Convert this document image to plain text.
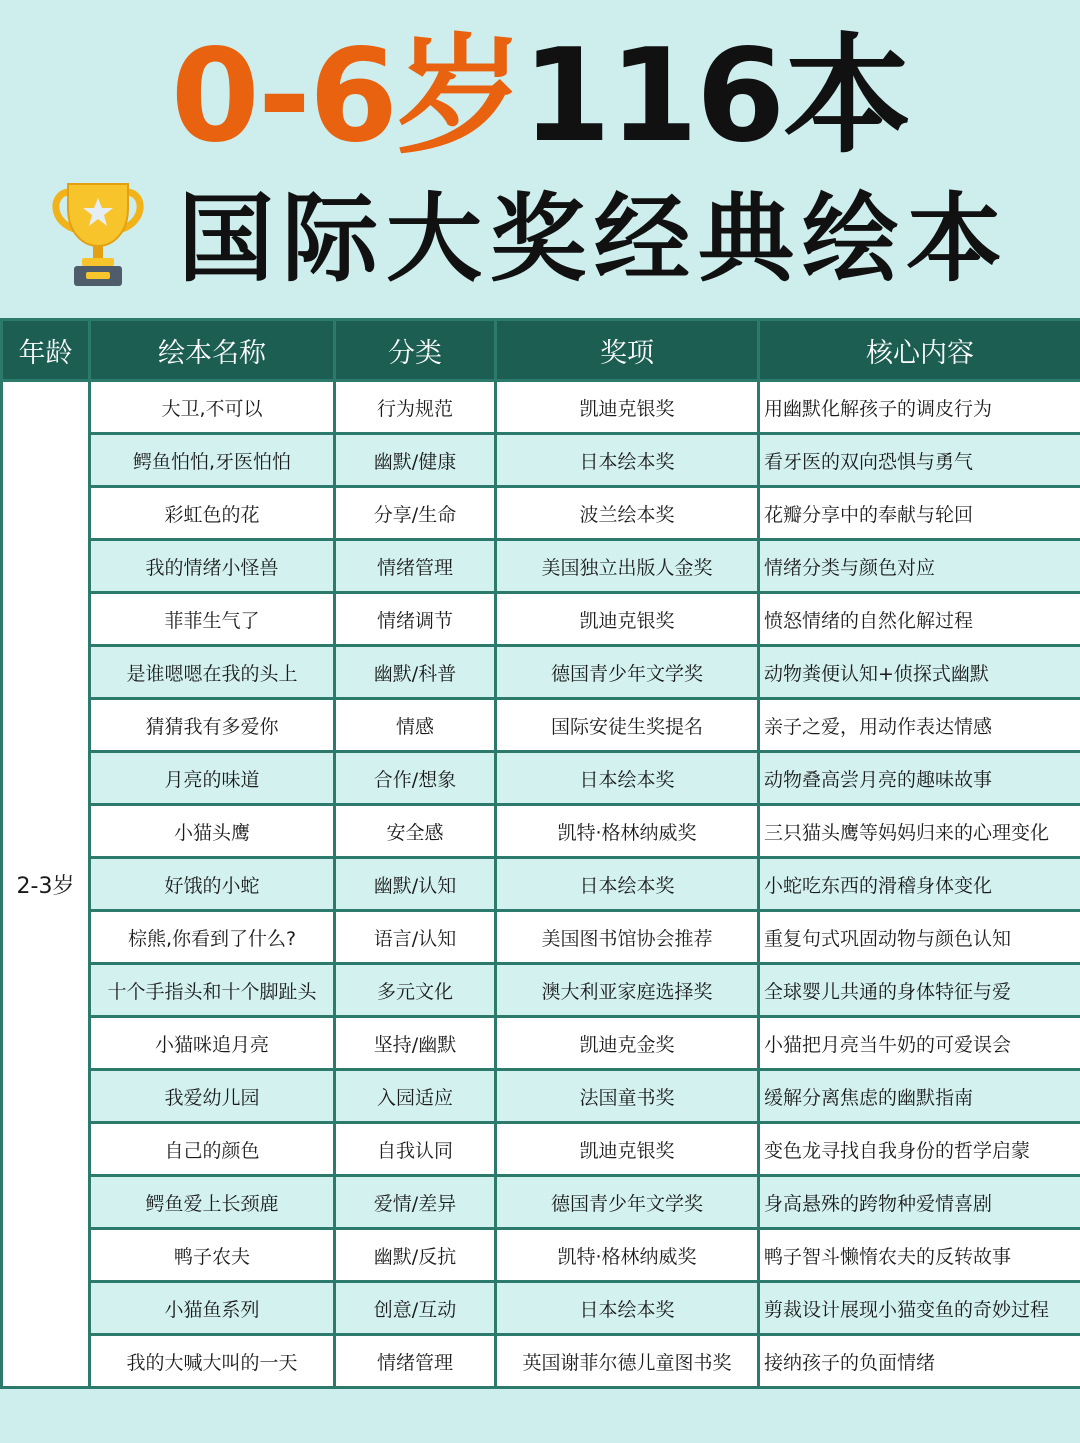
0-6岁116本
国际大奖经典绘本
年龄	绘本名称	分类	奖项	核心内容
2-3岁	大卫,不可以	行为规范	凯迪克银奖	用幽默化解孩子的调皮行为
	鳄鱼怕怕,牙医怕怕	幽默/健康	日本绘本奖	看牙医的双向恐惧与勇气
	彩虹色的花	分享/生命	波兰绘本奖	花瓣分享中的奉献与轮回
	我的情绪小怪兽	情绪管理	美国独立出版人金奖	情绪分类与颜色对应
	菲菲生气了	情绪调节	凯迪克银奖	愤怒情绪的自然化解过程
	是谁嗯嗯在我的头上	幽默/科普	德国青少年文学奖	动物粪便认知+侦探式幽默
	猜猜我有多爱你	情感	国际安徒生奖提名	亲子之爱，用动作表达情感
	月亮的味道	合作/想象	日本绘本奖	动物叠高尝月亮的趣味故事
	小猫头鹰	安全感	凯特·格林纳威奖	三只猫头鹰等妈妈归来的心理变化
	好饿的小蛇	幽默/认知	日本绘本奖	小蛇吃东西的滑稽身体变化
	棕熊,你看到了什么?	语言/认知	美国图书馆协会推荐	重复句式巩固动物与颜色认知
	十个手指头和十个脚趾头	多元文化	澳大利亚家庭选择奖	全球婴儿共通的身体特征与爱
	小猫咪追月亮	坚持/幽默	凯迪克金奖	小猫把月亮当牛奶的可爱误会
	我爱幼儿园	入园适应	法国童书奖	缓解分离焦虑的幽默指南
	自己的颜色	自我认同	凯迪克银奖	变色龙寻找自我身份的哲学启蒙
	鳄鱼爱上长颈鹿	爱情/差异	德国青少年文学奖	身高悬殊的跨物种爱情喜剧
	鸭子农夫	幽默/反抗	凯特·格林纳威奖	鸭子智斗懒惰农夫的反转故事
	小猫鱼系列	创意/互动	日本绘本奖	剪裁设计展现小猫变鱼的奇妙过程
	我的大喊大叫的一天	情绪管理	英国谢菲尔德儿童图书奖	接纳孩子的负面情绪
